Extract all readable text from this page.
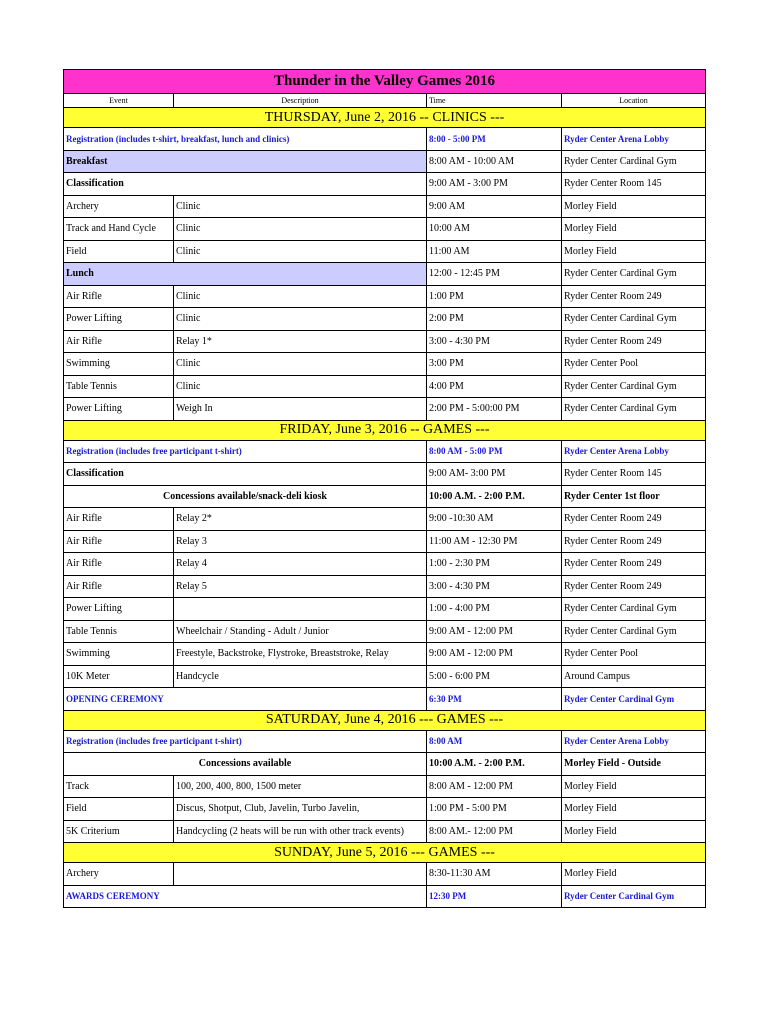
Thunder in the Valley Games 2016			
Event	Description	Time	Location
THURSDAY, June 2, 2016 -- CLINICS ---			
Registration (includes t-shirt, breakfast, lunch and clinics)		8:00 - 5:00 PM	Ryder Center Arena Lobby
Breakfast		8:00 AM - 10:00 AM	Ryder Center Cardinal Gym
Classification		9:00 AM - 3:00 PM	Ryder Center Room 145
Archery	Clinic	9:00 AM	Morley Field
Track and Hand Cycle	Clinic	10:00 AM	Morley Field
Field	Clinic	11:00 AM	Morley Field
Lunch		12:00 - 12:45 PM	Ryder Center Cardinal Gym
Air Rifle	Clinic	1:00 PM	Ryder Center Room 249
Power Lifting	Clinic	2:00 PM	Ryder Center Cardinal Gym
Air Rifle	Relay 1*	3:00 - 4:30 PM	Ryder Center Room 249
Swimming	Clinic	3:00 PM	Ryder Center Pool
Table Tennis	Clinic	4:00 PM	Ryder Center Cardinal Gym
Power Lifting	Weigh In	2:00 PM - 5:00:00 PM	Ryder Center Cardinal Gym
FRIDAY, June 3, 2016 -- GAMES ---			
Registration (includes free participant t-shirt)		8:00 AM - 5:00 PM	Ryder Center Arena Lobby
Classification		9:00 AM- 3:00 PM	Ryder Center Room 145
Concessions available/snack-deli kiosk		10:00 A.M. - 2:00 P.M.	Ryder Center 1st floor
Air Rifle	Relay 2*	9:00 -10:30 AM	Ryder Center Room 249
Air Rifle	Relay 3	11:00 AM - 12:30 PM	Ryder Center Room 249
Air Rifle	Relay 4	1:00 - 2:30 PM	Ryder Center Room 249
Air Rifle	Relay 5	3:00 - 4:30 PM	Ryder Center Room 249
Power Lifting		1:00 - 4:00 PM	Ryder Center Cardinal Gym
Table Tennis	Wheelchair / Standing - Adult / Junior	9:00 AM - 12:00 PM	Ryder Center Cardinal Gym
Swimming	Freestyle, Backstroke, Flystroke, Breaststroke, Relay	9:00 AM - 12:00 PM	Ryder Center Pool
10K Meter	Handcycle	5:00 - 6:00 PM	Around Campus
OPENING CEREMONY		6:30 PM	Ryder Center Cardinal Gym
SATURDAY, June 4, 2016 --- GAMES ---			
Registration (includes free participant t-shirt)		8:00 AM	Ryder Center Arena Lobby
Concessions available		10:00 A.M. - 2:00 P.M.	Morley Field - Outside
Track	100, 200, 400, 800, 1500 meter	8:00 AM - 12:00 PM	Morley Field
Field	Discus, Shotput, Club, Javelin, Turbo Javelin,	1:00 PM - 5:00 PM	Morley Field
5K Criterium	Handcycling (2 heats will be run with other track events)	8:00 AM.- 12:00 PM	Morley Field
SUNDAY, June 5, 2016 --- GAMES ---			
Archery		8:30-11:30 AM	Morley Field
AWARDS CEREMONY		12:30 PM	Ryder Center Cardinal Gym
